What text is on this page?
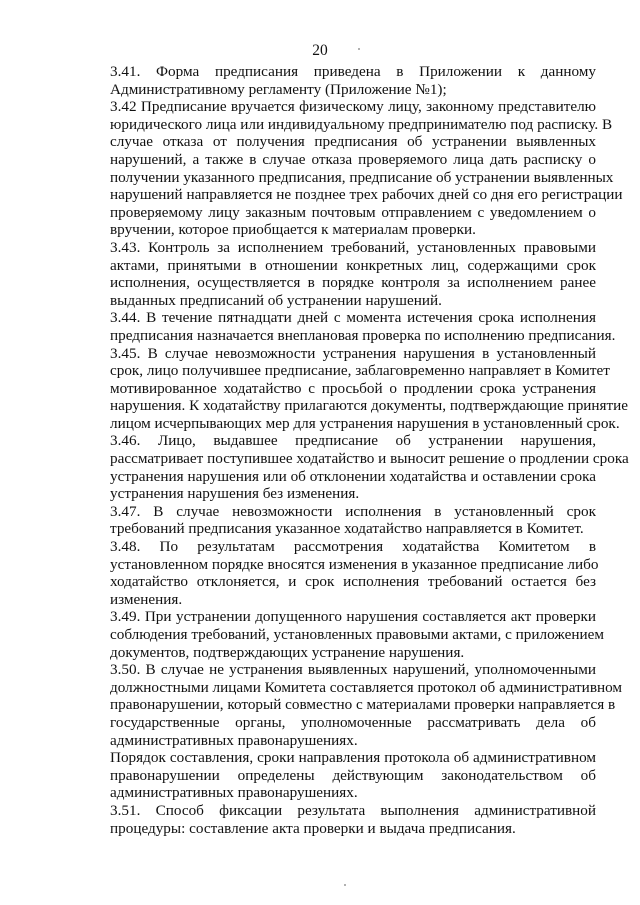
20
3.41. Форма предписания приведена в Приложении к данному
Административному регламенту (Приложение №1);
3.42 Предписание вручается физическому лицу, законному представителю
юридического лица или индивидуальному предпринимателю под расписку. В
случае отказа от получения предписания об устранении выявленных
нарушений, а также в случае отказа проверяемого лица дать расписку о
получении указанного предписания, предписание об устранении выявленных
нарушений направляется не позднее трех рабочих дней со дня его регистрации
проверяемому лицу заказным почтовым отправлением с уведомлением о
вручении, которое приобщается к материалам проверки.
3.43. Контроль за исполнением требований, установленных правовыми
актами, принятыми в отношении конкретных лиц, содержащими срок
исполнения, осуществляется в порядке контроля за исполнением ранее
выданных предписаний об устранении нарушений.
3.44. В течение пятнадцати дней с момента истечения срока исполнения
предписания назначается внеплановая проверка по исполнению предписания.
3.45. В случае невозможности устранения нарушения в установленный
срок, лицо получившее предписание, заблаговременно направляет в Комитет
мотивированное ходатайство с просьбой о продлении срока устранения
нарушения. К ходатайству прилагаются документы, подтверждающие принятие
лицом исчерпывающих мер для устранения нарушения в установленный срок.
3.46. Лицо, выдавшее предписание об устранении нарушения,
рассматривает поступившее ходатайство и выносит решение о продлении срока
устранения нарушения или об отклонении ходатайства и оставлении срока
устранения нарушения без изменения.
3.47. В случае невозможности исполнения в установленный срок
требований предписания указанное ходатайство направляется в Комитет.
3.48. По результатам рассмотрения ходатайства Комитетом в
установленном порядке вносятся изменения в указанное предписание либо
ходатайство отклоняется, и срок исполнения требований остается без
изменения.
3.49. При устранении допущенного нарушения составляется акт проверки
соблюдения требований, установленных правовыми актами, с приложением
документов, подтверждающих устранение нарушения.
3.50. В случае не устранения выявленных нарушений, уполномоченными
должностными лицами Комитета составляется протокол об административном
правонарушении, который совместно с материалами проверки направляется в
государственные органы, уполномоченные рассматривать дела об
административных правонарушениях.
Порядок составления, сроки направления протокола об административном
правонарушении определены действующим законодательством об
административных правонарушениях.
3.51. Способ фиксации результата выполнения административной
процедуры: составление акта проверки и выдача предписания.
